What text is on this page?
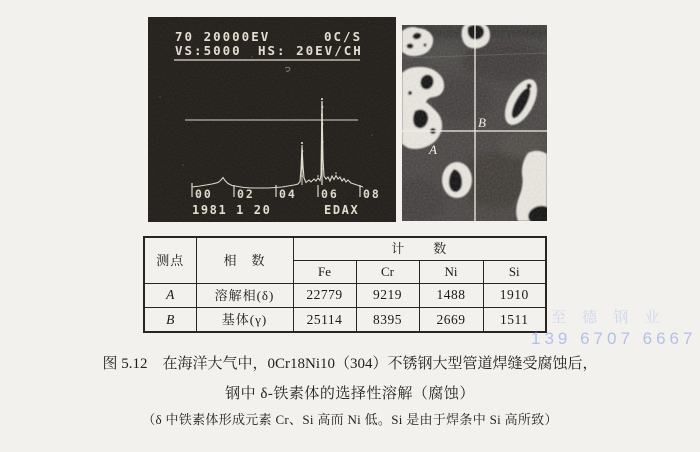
70 20000EV	0C/S
VS:5000 HS: 20EV/CH
00 02 04 06 08
1981 1 20	EDAX
B
A
测点	相　数	计　　数			
		Fe	Cr	Ni	Si
A	溶解相(δ)	22779	9219	1488	1910
B	基体(γ)	25114	8395	2669	1511
图 5.12　在海洋大气中，0Cr18Ni10（304）不锈钢大型管道焊缝受腐蚀后，
钢中 δ-铁素体的选择性溶解（腐蚀）
（δ 中铁素体形成元素 Cr、Si 高而 Ni 低。Si 是由于焊条中 Si 高所致）
至 德 钢 业
139 6707 6667
